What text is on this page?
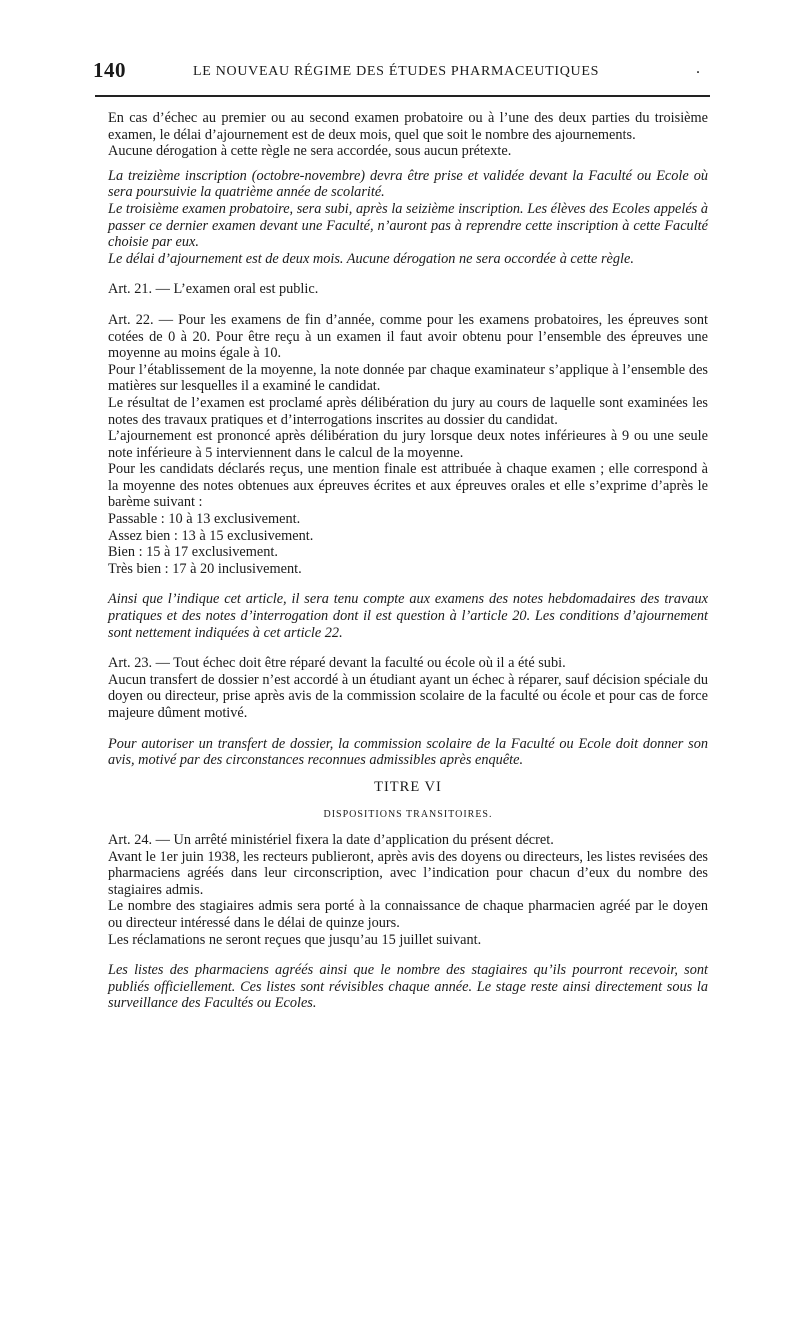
140	LE NOUVEAU RÉGIME DES ÉTUDES PHARMACEUTIQUES	.

En cas d’échec au premier ou au second examen probatoire ou à l’une des deux parties du troisième examen, le délai d’ajournement est de deux mois, quel que soit le nombre des ajournements.

Aucune dérogation à cette règle ne sera accordée, sous aucun prétexte.

La treizième inscription (octobre-novembre) devra être prise et validée devant la Faculté ou Ecole où sera poursuivie la quatrième année de scolarité.

Le troisième examen probatoire, sera subi, après la seizième inscription. Les élèves des Ecoles appelés à passer ce dernier examen devant une Faculté, n’auront pas à reprendre cette inscription à cette Faculté choisie par eux.

Le délai d’ajournement est de deux mois. Aucune dérogation ne sera occordée à cette règle.

Art. 21. — L’examen oral est public.

Art. 22. — Pour les examens de fin d’année, comme pour les examens probatoires, les épreuves sont cotées de 0 à 20. Pour être reçu à un examen il faut avoir obtenu pour l’ensemble des épreuves une moyenne au moins égale à 10.

Pour l’établissement de la moyenne, la note donnée par chaque examinateur s’applique à l’ensemble des matières sur lesquelles il a examiné le candidat.

Le résultat de l’examen est proclamé après délibération du jury au cours de laquelle sont examinées les notes des travaux pratiques et d’interrogations inscrites au dossier du candidat.

L’ajournement est prononcé après délibération du jury lorsque deux notes inférieures à 9 ou une seule note inférieure à 5 interviennent dans le calcul de la moyenne.

Pour les candidats déclarés reçus, une mention finale est attribuée à chaque examen ; elle correspond à la moyenne des notes obtenues aux épreuves écrites et aux épreuves orales et elle s’exprime d’après le barème suivant :

Passable : 10 à 13 exclusivement.

Assez bien : 13 à 15 exclusivement.

Bien : 15 à 17 exclusivement.

Très bien : 17 à 20 inclusivement.

Ainsi que l’indique cet article, il sera tenu compte aux examens des notes hebdomadaires des travaux pratiques et des notes d’interrogation dont il est question à l’article 20. Les conditions d’ajournement sont nettement indiquées à cet article 22.

Art. 23. — Tout échec doit être réparé devant la faculté ou école où il a été subi.

Aucun transfert de dossier n’est accordé à un étudiant ayant un échec à réparer, sauf décision spéciale du doyen ou directeur, prise après avis de la commission scolaire de la faculté ou école et pour cas de force majeure dûment motivé.

Pour autoriser un transfert de dossier, la commission scolaire de la Faculté ou Ecole doit donner son avis, motivé par des circonstances reconnues admissibles après enquête.

TITRE VI

DISPOSITIONS TRANSITOIRES.

Art. 24. — Un arrêté ministériel fixera la date d’application du présent décret.

Avant le 1er juin 1938, les recteurs publieront, après avis des doyens ou directeurs, les listes revisées des pharmaciens agréés dans leur circonscription, avec l’indication pour chacun d’eux du nombre des stagiaires admis.

Le nombre des stagiaires admis sera porté à la connaissance de chaque pharmacien agréé par le doyen ou directeur intéressé dans le délai de quinze jours.

Les réclamations ne seront reçues que jusqu’au 15 juillet suivant.

Les listes des pharmaciens agréés ainsi que le nombre des stagiaires qu’ils pourront recevoir, sont publiés officiellement. Ces listes sont révisibles chaque année. Le stage reste ainsi directement sous la surveillance des Facultés ou Ecoles.
